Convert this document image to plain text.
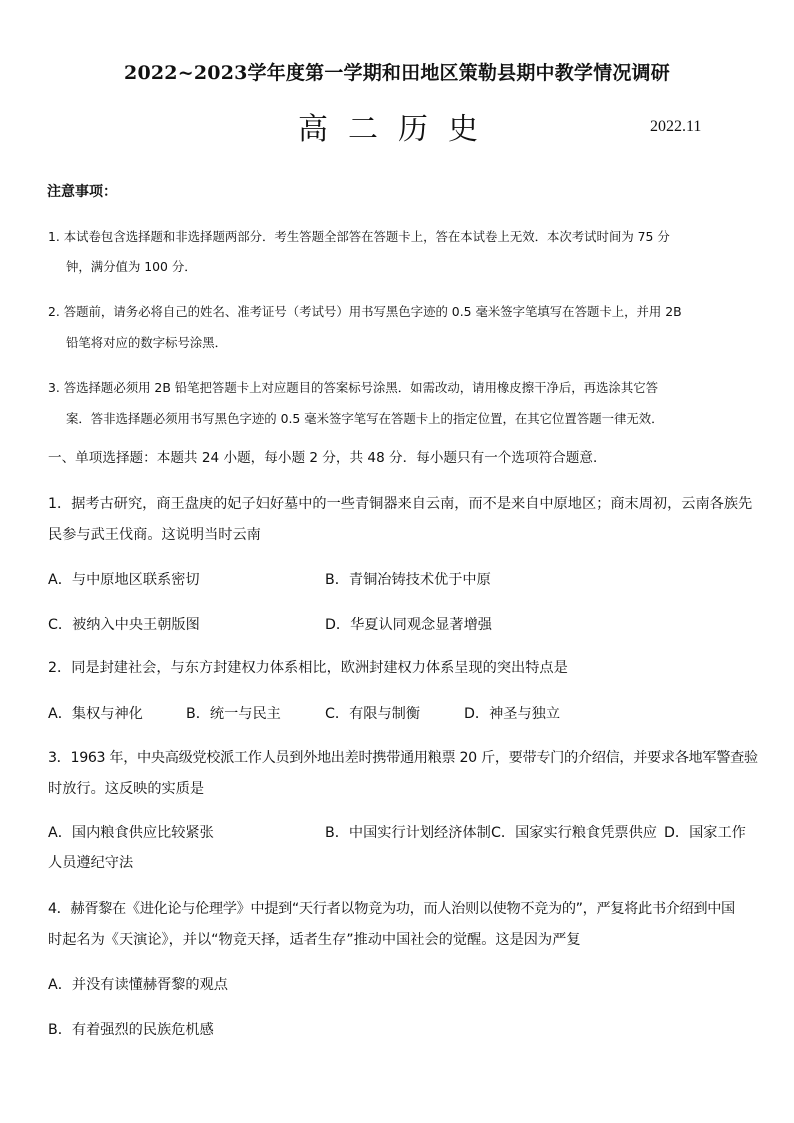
2022~2023学年度第一学期和田地区策勒县期中教学情况调研
高二历史	2022.11
注意事项：
1. 本试卷包含选择题和非选择题两部分．考生答题全部答在答题卡上，答在本试卷上无效．本次考试时间为 75 分
钟，满分值为 100 分．
2. 答题前，请务必将自己的姓名、准考证号（考试号）用书写黑色字迹的 0.5 毫米签字笔填写在答题卡上，并用 2B
铅笔将对应的数字标号涂黑．
3. 答选择题必须用 2B 铅笔把答题卡上对应题目的答案标号涂黑．如需改动，请用橡皮擦干净后，再选涂其它答
案．答非选择题必须用书写黑色字迹的 0.5 毫米签字笔写在答题卡上的指定位置，在其它位置答题一律无效．
一、单项选择题：本题共 24 小题，每小题 2 分，共 48 分．每小题只有一个选项符合题意．
1．据考古研究，商王盘庚的妃子妇好墓中的一些青铜器来自云南，而不是来自中原地区；商末周初，云南各族先
民参与武王伐商。这说明当时云南
A．与中原地区联系密切	B．青铜冶铸技术优于中原
C．被纳入中央王朝版图	D．华夏认同观念显著增强
2．同是封建社会，与东方封建权力体系相比，欧洲封建权力体系呈现的突出特点是
A．集权与神化	B．统一与民主	C．有限与制衡	D．神圣与独立
3．1963 年，中央高级党校派工作人员到外地出差时携带通用粮票 20 斤，要带专门的介绍信，并要求各地军警查验
时放行。这反映的实质是
A．国内粮食供应比较紧张	B．中国实行计划经济体制 C．国家实行粮食凭票供应 D．国家工作
人员遵纪守法
4．赫胥黎在《进化论与伦理学》中提到“天行者以物竞为功，而人治则以使物不竞为的”，严复将此书介绍到中国
时起名为《天演论》，并以“物竞天择，适者生存”推动中国社会的觉醒。这是因为严复
A．并没有读懂赫胥黎的观点
B．有着强烈的民族危机感
